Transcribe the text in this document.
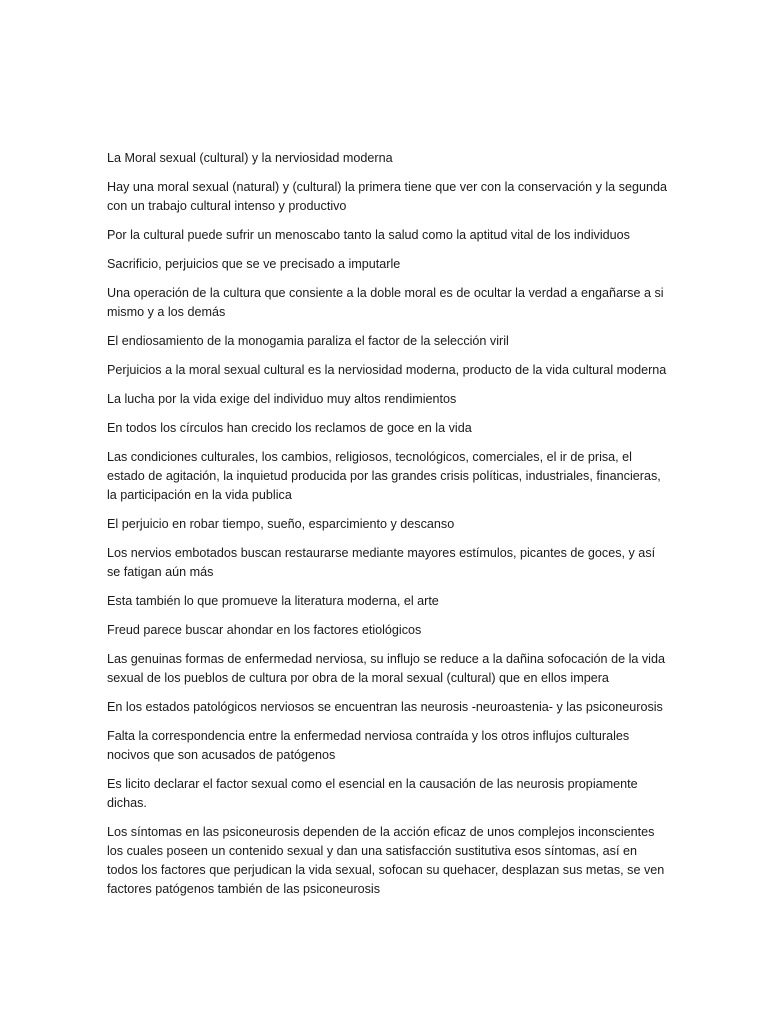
La Moral sexual (cultural) y la nerviosidad moderna

Hay una moral sexual (natural) y (cultural) la primera tiene que ver con la conservación y la segunda con un trabajo cultural intenso y productivo

Por la cultural puede sufrir un menoscabo tanto la salud como la aptitud vital de los individuos

Sacrificio, perjuicios que se ve precisado a imputarle

Una operación de la cultura que consiente a la doble moral es de ocultar la verdad a engañarse a si mismo y a los demás

El endiosamiento de la monogamia paraliza el factor de la selección viril

Perjuicios a la moral sexual cultural es la nerviosidad moderna, producto de la vida cultural moderna

La lucha por la vida exige del individuo muy altos rendimientos

En todos los círculos han crecido los reclamos de goce en la vida

Las condiciones culturales, los cambios, religiosos, tecnológicos, comerciales, el ir de prisa, el estado de agitación, la inquietud producida por las grandes crisis políticas, industriales, financieras, la participación en la vida publica

El perjuicio en robar tiempo, sueño, esparcimiento y descanso

Los nervios embotados buscan restaurarse mediante mayores estímulos, picantes de goces, y así se fatigan aún más

Esta también lo que promueve la literatura moderna, el arte

Freud parece buscar ahondar en los factores etiológicos

Las genuinas formas de enfermedad nerviosa, su influjo se reduce a la dañina sofocación de la vida sexual de los pueblos de cultura por obra de la moral sexual (cultural) que en ellos impera

En los estados patológicos nerviosos se encuentran las neurosis -neuroastenia- y las psiconeurosis

Falta la correspondencia entre la enfermedad nerviosa contraída y los otros influjos culturales nocivos que son acusados de patógenos

Es licito declarar el factor sexual como el esencial en la causación de las neurosis propiamente dichas.

Los síntomas en las psiconeurosis dependen de la acción eficaz de unos complejos inconscientes los cuales poseen un contenido sexual y dan una satisfacción sustitutiva esos síntomas, así en todos los factores que perjudican la vida sexual, sofocan su quehacer, desplazan sus metas, se ven factores patógenos también de las psiconeurosis
